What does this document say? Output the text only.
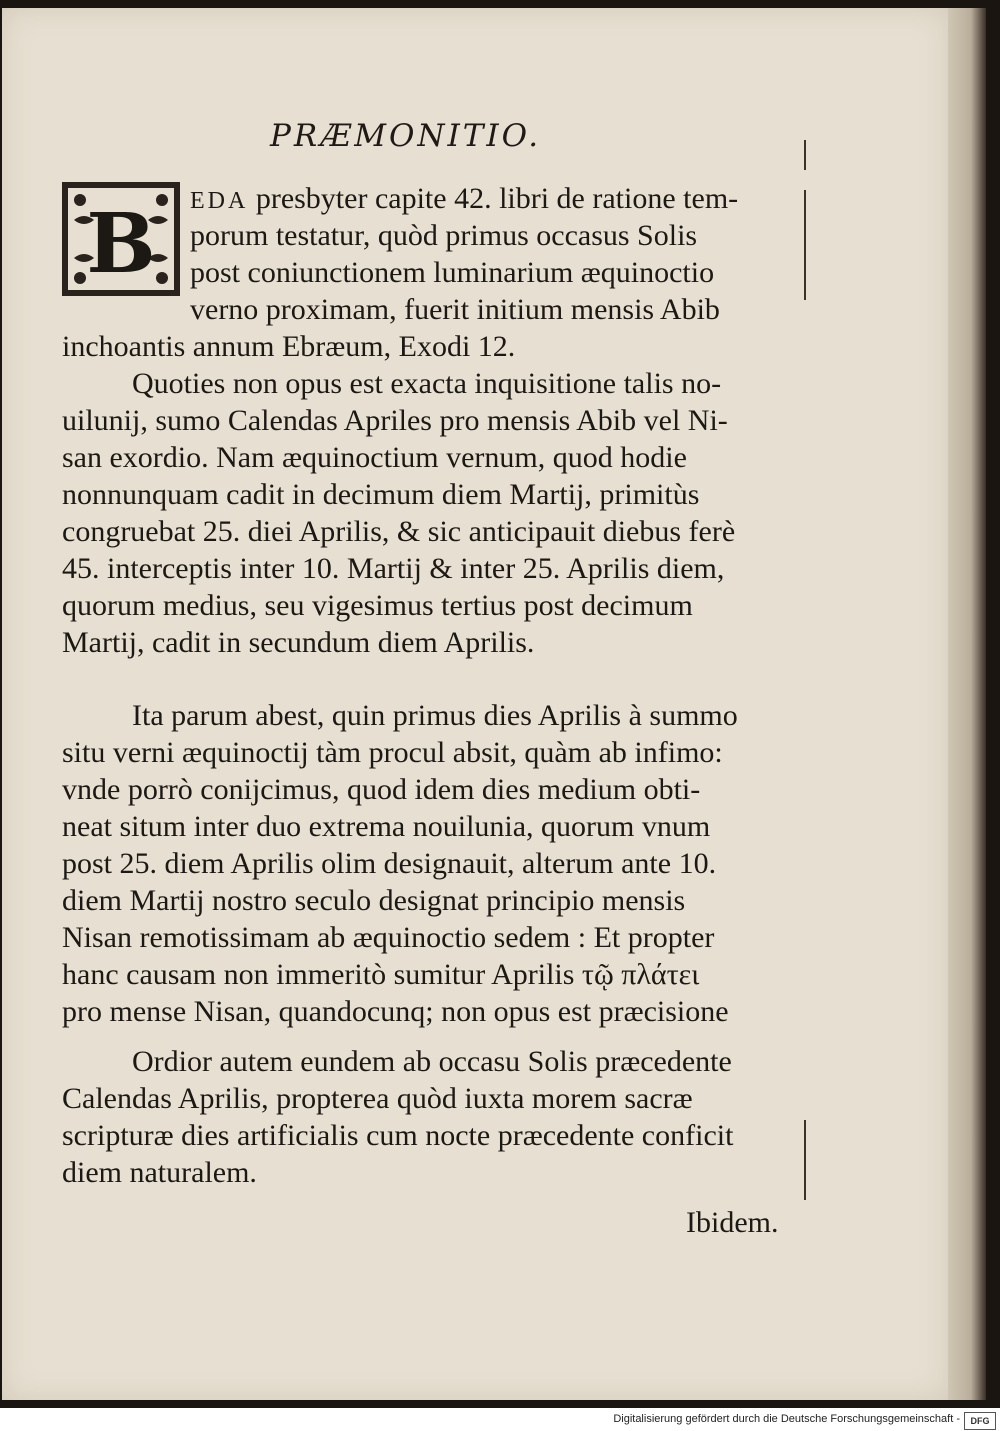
PRÆMONITIO.
B EDA presbyter capite 42. libri de ratione tem-
porum testatur, quòd primus occasus Solis
post coniunctionem luminarium æquinoctio
verno proximam, fuerit initium mensis Abib
inchoantis annum Ebræum, Exodi 12.
Quoties non opus est exacta inquisitione talis no-
uilunij, sumo Calendas Apriles pro mensis Abib vel Ni-
san exordio. Nam æquinoctium vernum, quod hodie
nonnunquam cadit in decimum diem Martij, primitùs
congruebat 25. diei Aprilis, & sic anticipauit diebus ferè
45. interceptis inter 10. Martij & inter 25. Aprilis diem,
quorum medius, seu vigesimus tertius post decimum
Martij, cadit in secundum diem Aprilis.
Ita parum abest, quin primus dies Aprilis à summo
situ verni æquinoctij tàm procul absit, quàm ab infimo:
vnde porrò conijcimus, quod idem dies medium obti-
neat situm inter duo extrema nouilunia, quorum vnum
post 25. diem Aprilis olim designauit, alterum ante 10.
diem Martij nostro seculo designat principio mensis
Nisan remotissimam ab æquinoctio sedem : Et propter
hanc causam non immeritò sumitur Aprilis τῷ πλάτει
pro mense Nisan, quandocunq; non opus est præcisione
Ordior autem eundem ab occasu Solis præcedente
Calendas Aprilis, propterea quòd iuxta morem sacræ
scripturæ dies artificialis cum nocte præcedente conficit
diem naturalem.
Ibidem.
Digitalisierung gefördert durch die Deutsche Forschungsgemeinschaft -	DFG
